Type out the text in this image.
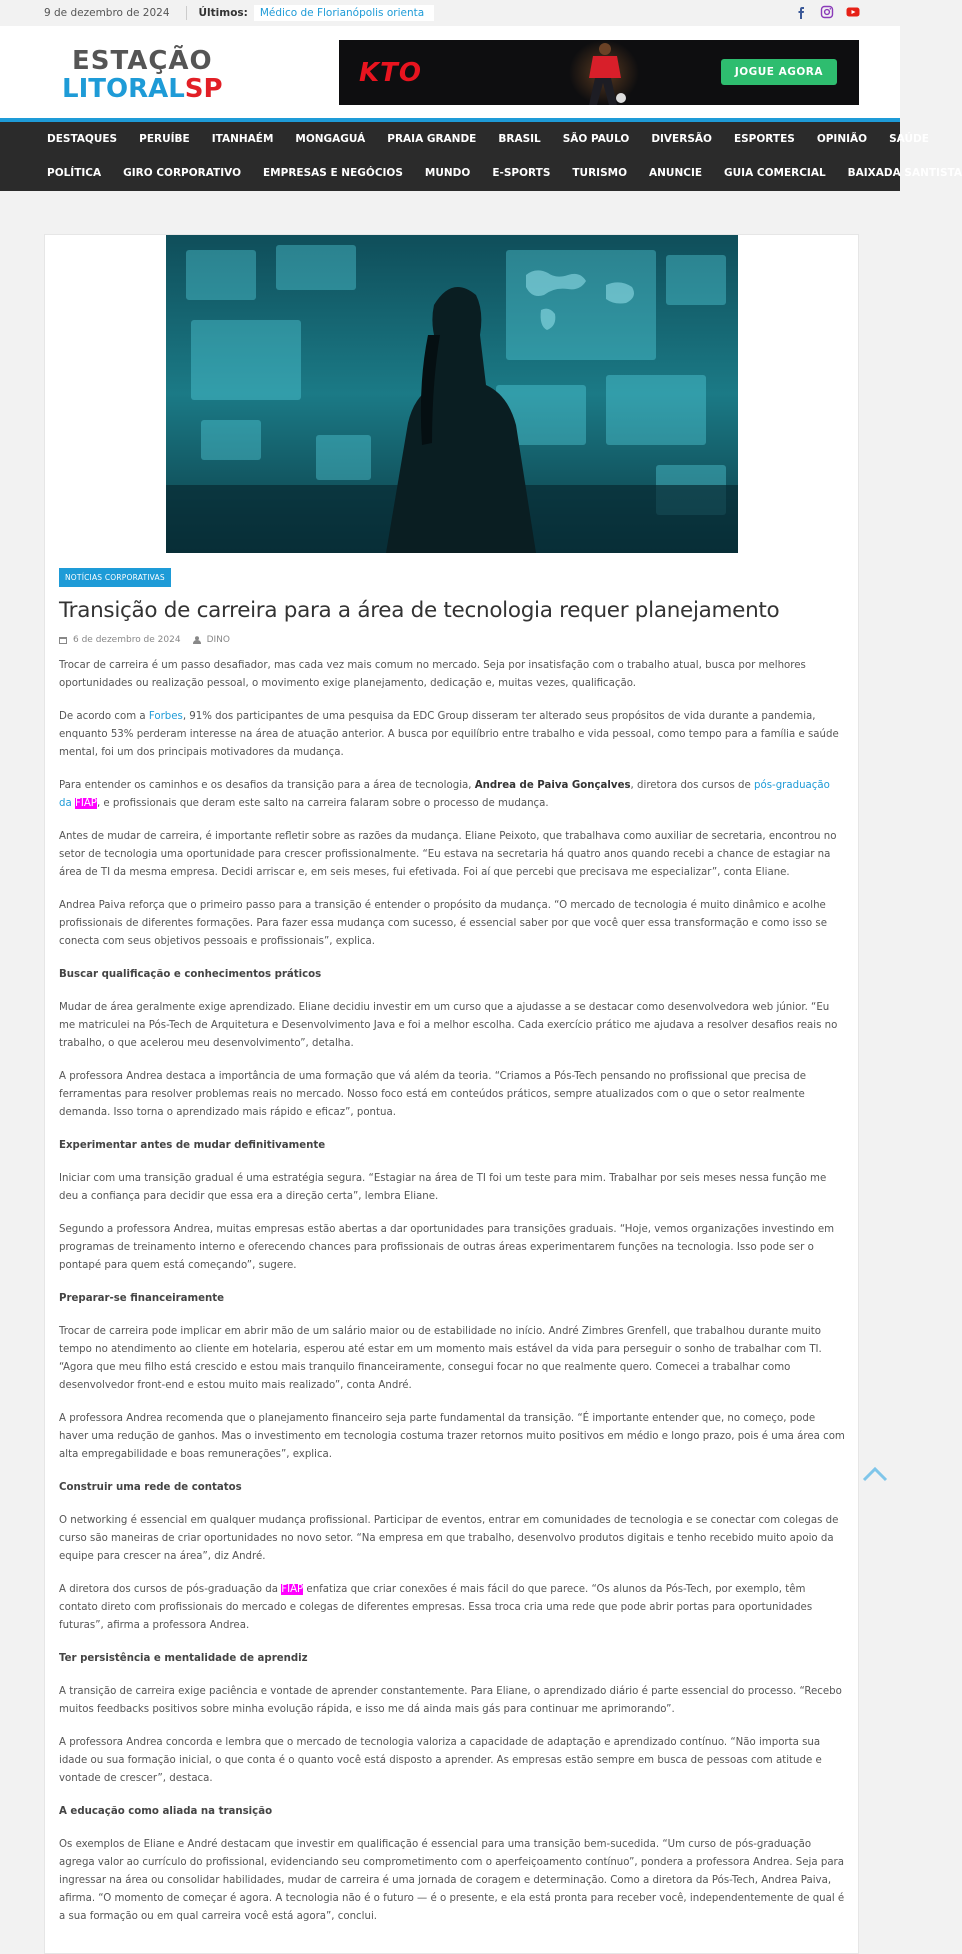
9 de dezembro de 2024	Últimos:	Médico de Florianópolis orienta
ESTAÇÃO
LITORALSP
KTO	JOGUE AGORA
DESTAQUES PERUÍBE ITANHAÉM MONGAGUÁ PRAIA GRANDE BRASIL SÃO PAULO DIVERSÃO ESPORTES OPINIÃO SAÚDE
POLÍTICA GIRO CORPORATIVO EMPRESAS E NEGÓCIOS MUNDO E-SPORTS TURISMO ANUNCIE GUIA COMERCIAL BAIXADA SANTISTA
NOTÍCIAS CORPORATIVAS
Transição de carreira para a área de tecnologia requer planejamento
6 de dezembro de 2024	DINO

Trocar de carreira é um passo desafiador, mas cada vez mais comum no mercado. Seja por insatisfação com o trabalho atual, busca por melhores oportunidades ou realização pessoal, o movimento exige planejamento, dedicação e, muitas vezes, qualificação.

De acordo com a Forbes, 91% dos participantes de uma pesquisa da EDC Group disseram ter alterado seus propósitos de vida durante a pandemia, enquanto 53% perderam interesse na área de atuação anterior. A busca por equilíbrio entre trabalho e vida pessoal, como tempo para a família e saúde mental, foi um dos principais motivadores da mudança.

Para entender os caminhos e os desafios da transição para a área de tecnologia, Andrea de Paiva Gonçalves, diretora dos cursos de pós-graduação da FIAP, e profissionais que deram este salto na carreira falaram sobre o processo de mudança.

Antes de mudar de carreira, é importante refletir sobre as razões da mudança. Eliane Peixoto, que trabalhava como auxiliar de secretaria, encontrou no setor de tecnologia uma oportunidade para crescer profissionalmente. “Eu estava na secretaria há quatro anos quando recebi a chance de estagiar na área de TI da mesma empresa. Decidi arriscar e, em seis meses, fui efetivada. Foi aí que percebi que precisava me especializar”, conta Eliane.

Andrea Paiva reforça que o primeiro passo para a transição é entender o propósito da mudança. “O mercado de tecnologia é muito dinâmico e acolhe profissionais de diferentes formações. Para fazer essa mudança com sucesso, é essencial saber por que você quer essa transformação e como isso se conecta com seus objetivos pessoais e profissionais”, explica.

Buscar qualificação e conhecimentos práticos

Mudar de área geralmente exige aprendizado. Eliane decidiu investir em um curso que a ajudasse a se destacar como desenvolvedora web júnior. “Eu me matriculei na Pós-Tech de Arquitetura e Desenvolvimento Java e foi a melhor escolha. Cada exercício prático me ajudava a resolver desafios reais no trabalho, o que acelerou meu desenvolvimento”, detalha.

A professora Andrea destaca a importância de uma formação que vá além da teoria. “Criamos a Pós-Tech pensando no profissional que precisa de ferramentas para resolver problemas reais no mercado. Nosso foco está em conteúdos práticos, sempre atualizados com o que o setor realmente demanda. Isso torna o aprendizado mais rápido e eficaz”, pontua.

Experimentar antes de mudar definitivamente

Iniciar com uma transição gradual é uma estratégia segura. “Estagiar na área de TI foi um teste para mim. Trabalhar por seis meses nessa função me deu a confiança para decidir que essa era a direção certa”, lembra Eliane.

Segundo a professora Andrea, muitas empresas estão abertas a dar oportunidades para transições graduais. “Hoje, vemos organizações investindo em programas de treinamento interno e oferecendo chances para profissionais de outras áreas experimentarem funções na tecnologia. Isso pode ser o pontapé para quem está começando”, sugere.

Preparar-se financeiramente

Trocar de carreira pode implicar em abrir mão de um salário maior ou de estabilidade no início. André Zimbres Grenfell, que trabalhou durante muito tempo no atendimento ao cliente em hotelaria, esperou até estar em um momento mais estável da vida para perseguir o sonho de trabalhar com TI. “Agora que meu filho está crescido e estou mais tranquilo financeiramente, consegui focar no que realmente quero. Comecei a trabalhar como desenvolvedor front-end e estou muito mais realizado”, conta André.

A professora Andrea recomenda que o planejamento financeiro seja parte fundamental da transição. “É importante entender que, no começo, pode haver uma redução de ganhos. Mas o investimento em tecnologia costuma trazer retornos muito positivos em médio e longo prazo, pois é uma área com alta empregabilidade e boas remunerações”, explica.

Construir uma rede de contatos

O networking é essencial em qualquer mudança profissional. Participar de eventos, entrar em comunidades de tecnologia e se conectar com colegas de curso são maneiras de criar oportunidades no novo setor. “Na empresa em que trabalho, desenvolvo produtos digitais e tenho recebido muito apoio da equipe para crescer na área”, diz André.

A diretora dos cursos de pós-graduação da FIAP enfatiza que criar conexões é mais fácil do que parece. “Os alunos da Pós-Tech, por exemplo, têm contato direto com profissionais do mercado e colegas de diferentes empresas. Essa troca cria uma rede que pode abrir portas para oportunidades futuras”, afirma a professora Andrea.

Ter persistência e mentalidade de aprendiz

A transição de carreira exige paciência e vontade de aprender constantemente. Para Eliane, o aprendizado diário é parte essencial do processo. “Recebo muitos feedbacks positivos sobre minha evolução rápida, e isso me dá ainda mais gás para continuar me aprimorando”.

A professora Andrea concorda e lembra que o mercado de tecnologia valoriza a capacidade de adaptação e aprendizado contínuo. “Não importa sua idade ou sua formação inicial, o que conta é o quanto você está disposto a aprender. As empresas estão sempre em busca de pessoas com atitude e vontade de crescer”, destaca.

A educação como aliada na transição

Os exemplos de Eliane e André destacam que investir em qualificação é essencial para uma transição bem-sucedida. “Um curso de pós-graduação agrega valor ao currículo do profissional, evidenciando seu comprometimento com o aperfeiçoamento contínuo”, pondera a professora Andrea. Seja para ingressar na área ou consolidar habilidades, mudar de carreira é uma jornada de coragem e determinação. Como a diretora da Pós-Tech, Andrea Paiva, afirma. “O momento de começar é agora. A tecnologia não é o futuro — é o presente, e ela está pronta para receber você, independentemente de qual é a sua formação ou em qual carreira você está agora”, conclui.
